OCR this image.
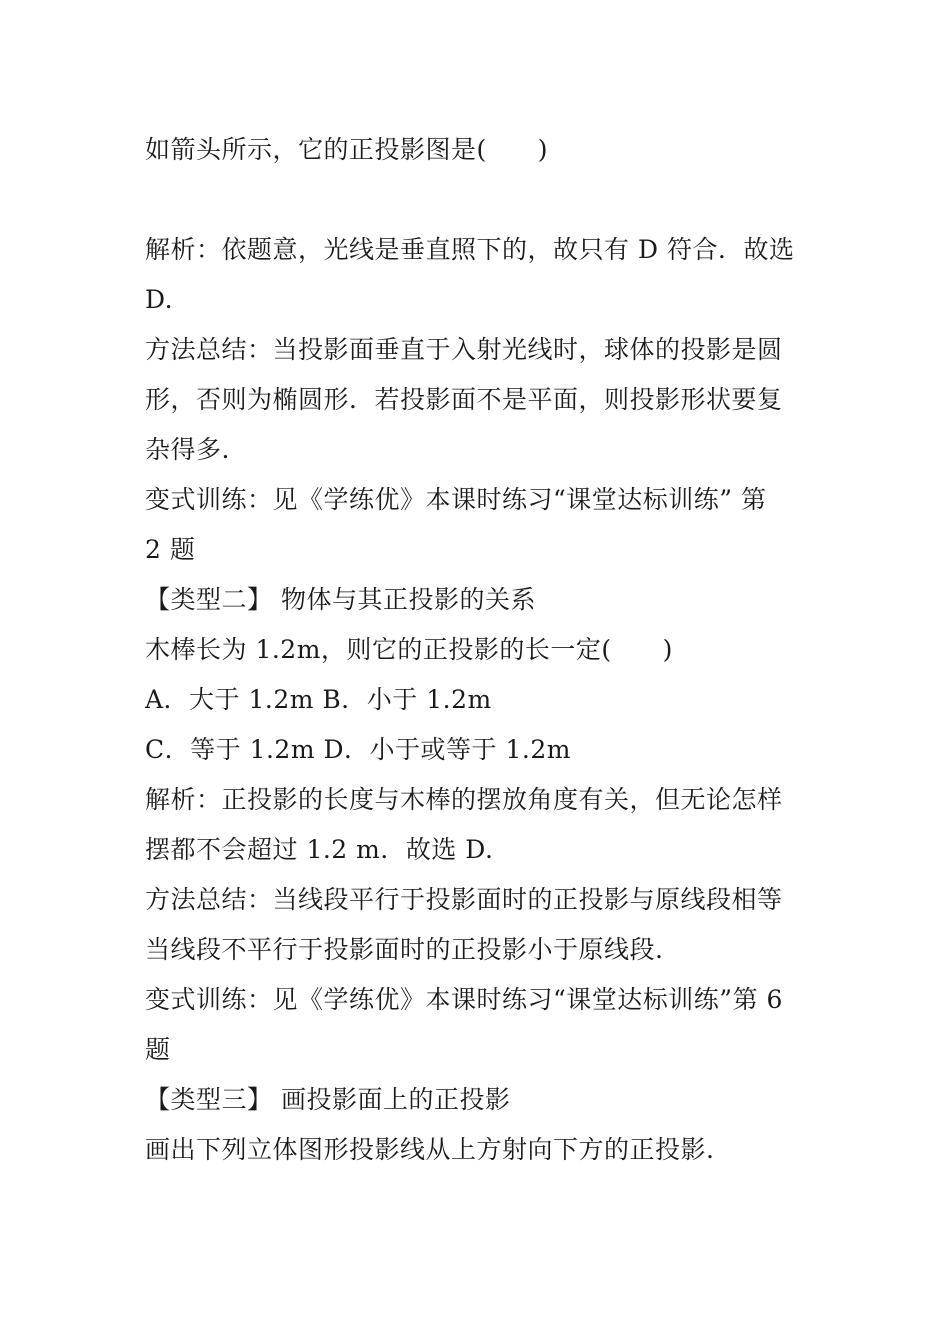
如箭头所示，它的正投影图是(　　)
解析：依题意，光线是垂直照下的，故只有 D 符合．故选
D.
方法总结：当投影面垂直于入射光线时，球体的投影是圆
形，否则为椭圆形．若投影面不是平面，则投影形状要复
杂得多.
变式训练：见《学练优》本课时练习“课堂达标训练” 第
2 题
【类型二】 物体与其正投影的关系
木棒长为 1.2m，则它的正投影的长一定(　　)
A．大于 1.2m B．小于 1.2m
C．等于 1.2m D．小于或等于 1.2m
解析：正投影的长度与木棒的摆放角度有关，但无论怎样
摆都不会超过 1.2 m．故选 D.
方法总结：当线段平行于投影面时的正投影与原线段相等
当线段不平行于投影面时的正投影小于原线段.
变式训练：见《学练优》本课时练习“课堂达标训练”第 6
题
【类型三】 画投影面上的正投影
画出下列立体图形投影线从上方射向下方的正投影.
